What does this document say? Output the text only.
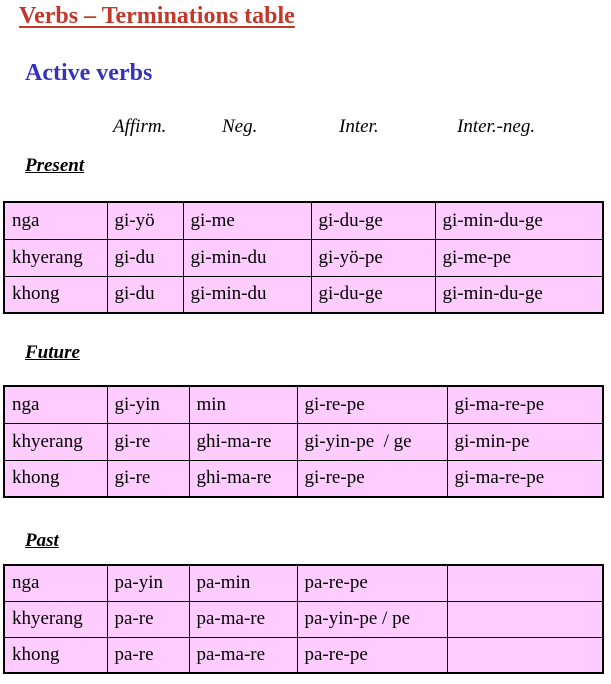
Verbs – Terminations table
Active verbs
Affirm.	Neg.	Inter.	Inter.-neg.
Present
nga	gi-yö	gi-me	gi-du-ge	gi-min-du-ge
khyerang	gi-du	gi-min-du	gi-yö-pe	gi-me-pe
khong	gi-du	gi-min-du	gi-du-ge	gi-min-du-ge
Future
nga	gi-yin	min	gi-re-pe	gi-ma-re-pe
khyerang	gi-re	ghi-ma-re	gi-yin-pe  / ge	gi-min-pe
khong	gi-re	ghi-ma-re	gi-re-pe	gi-ma-re-pe
Past
nga	pa-yin	pa-min	pa-re-pe	
khyerang	pa-re	pa-ma-re	pa-yin-pe / pe	
khong	pa-re	pa-ma-re	pa-re-pe	
